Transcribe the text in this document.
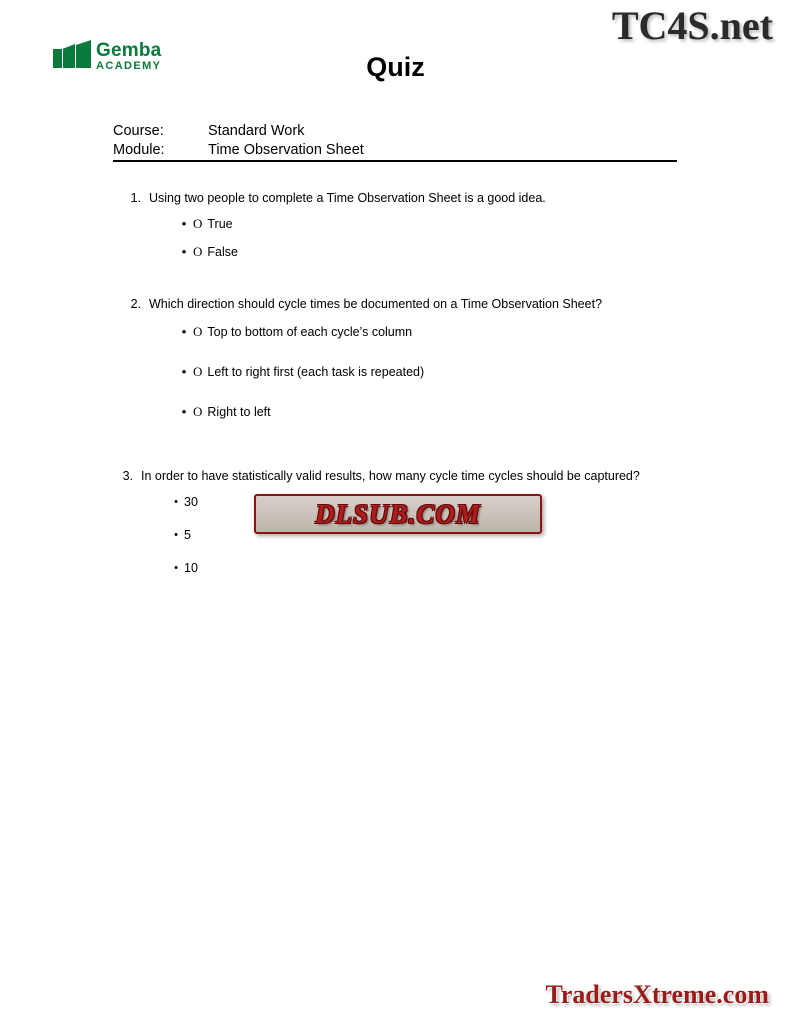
TC4S.net
Gemba
ACADEMY	Quiz
Course:	Standard Work
Module:	Time Observation Sheet
1. Using two people to complete a Time Observation Sheet is a good idea.
• O True
• O False
2. Which direction should cycle times be documented on a Time Observation Sheet?
• O Top to bottom of each cycle’s column
• O Left to right first (each task is repeated)
• O Right to left
3. In order to have statistically valid results, how many cycle time cycles should be captured?
• 30
• 5
• 10
DLSUB.COM
TradersXtreme.com
